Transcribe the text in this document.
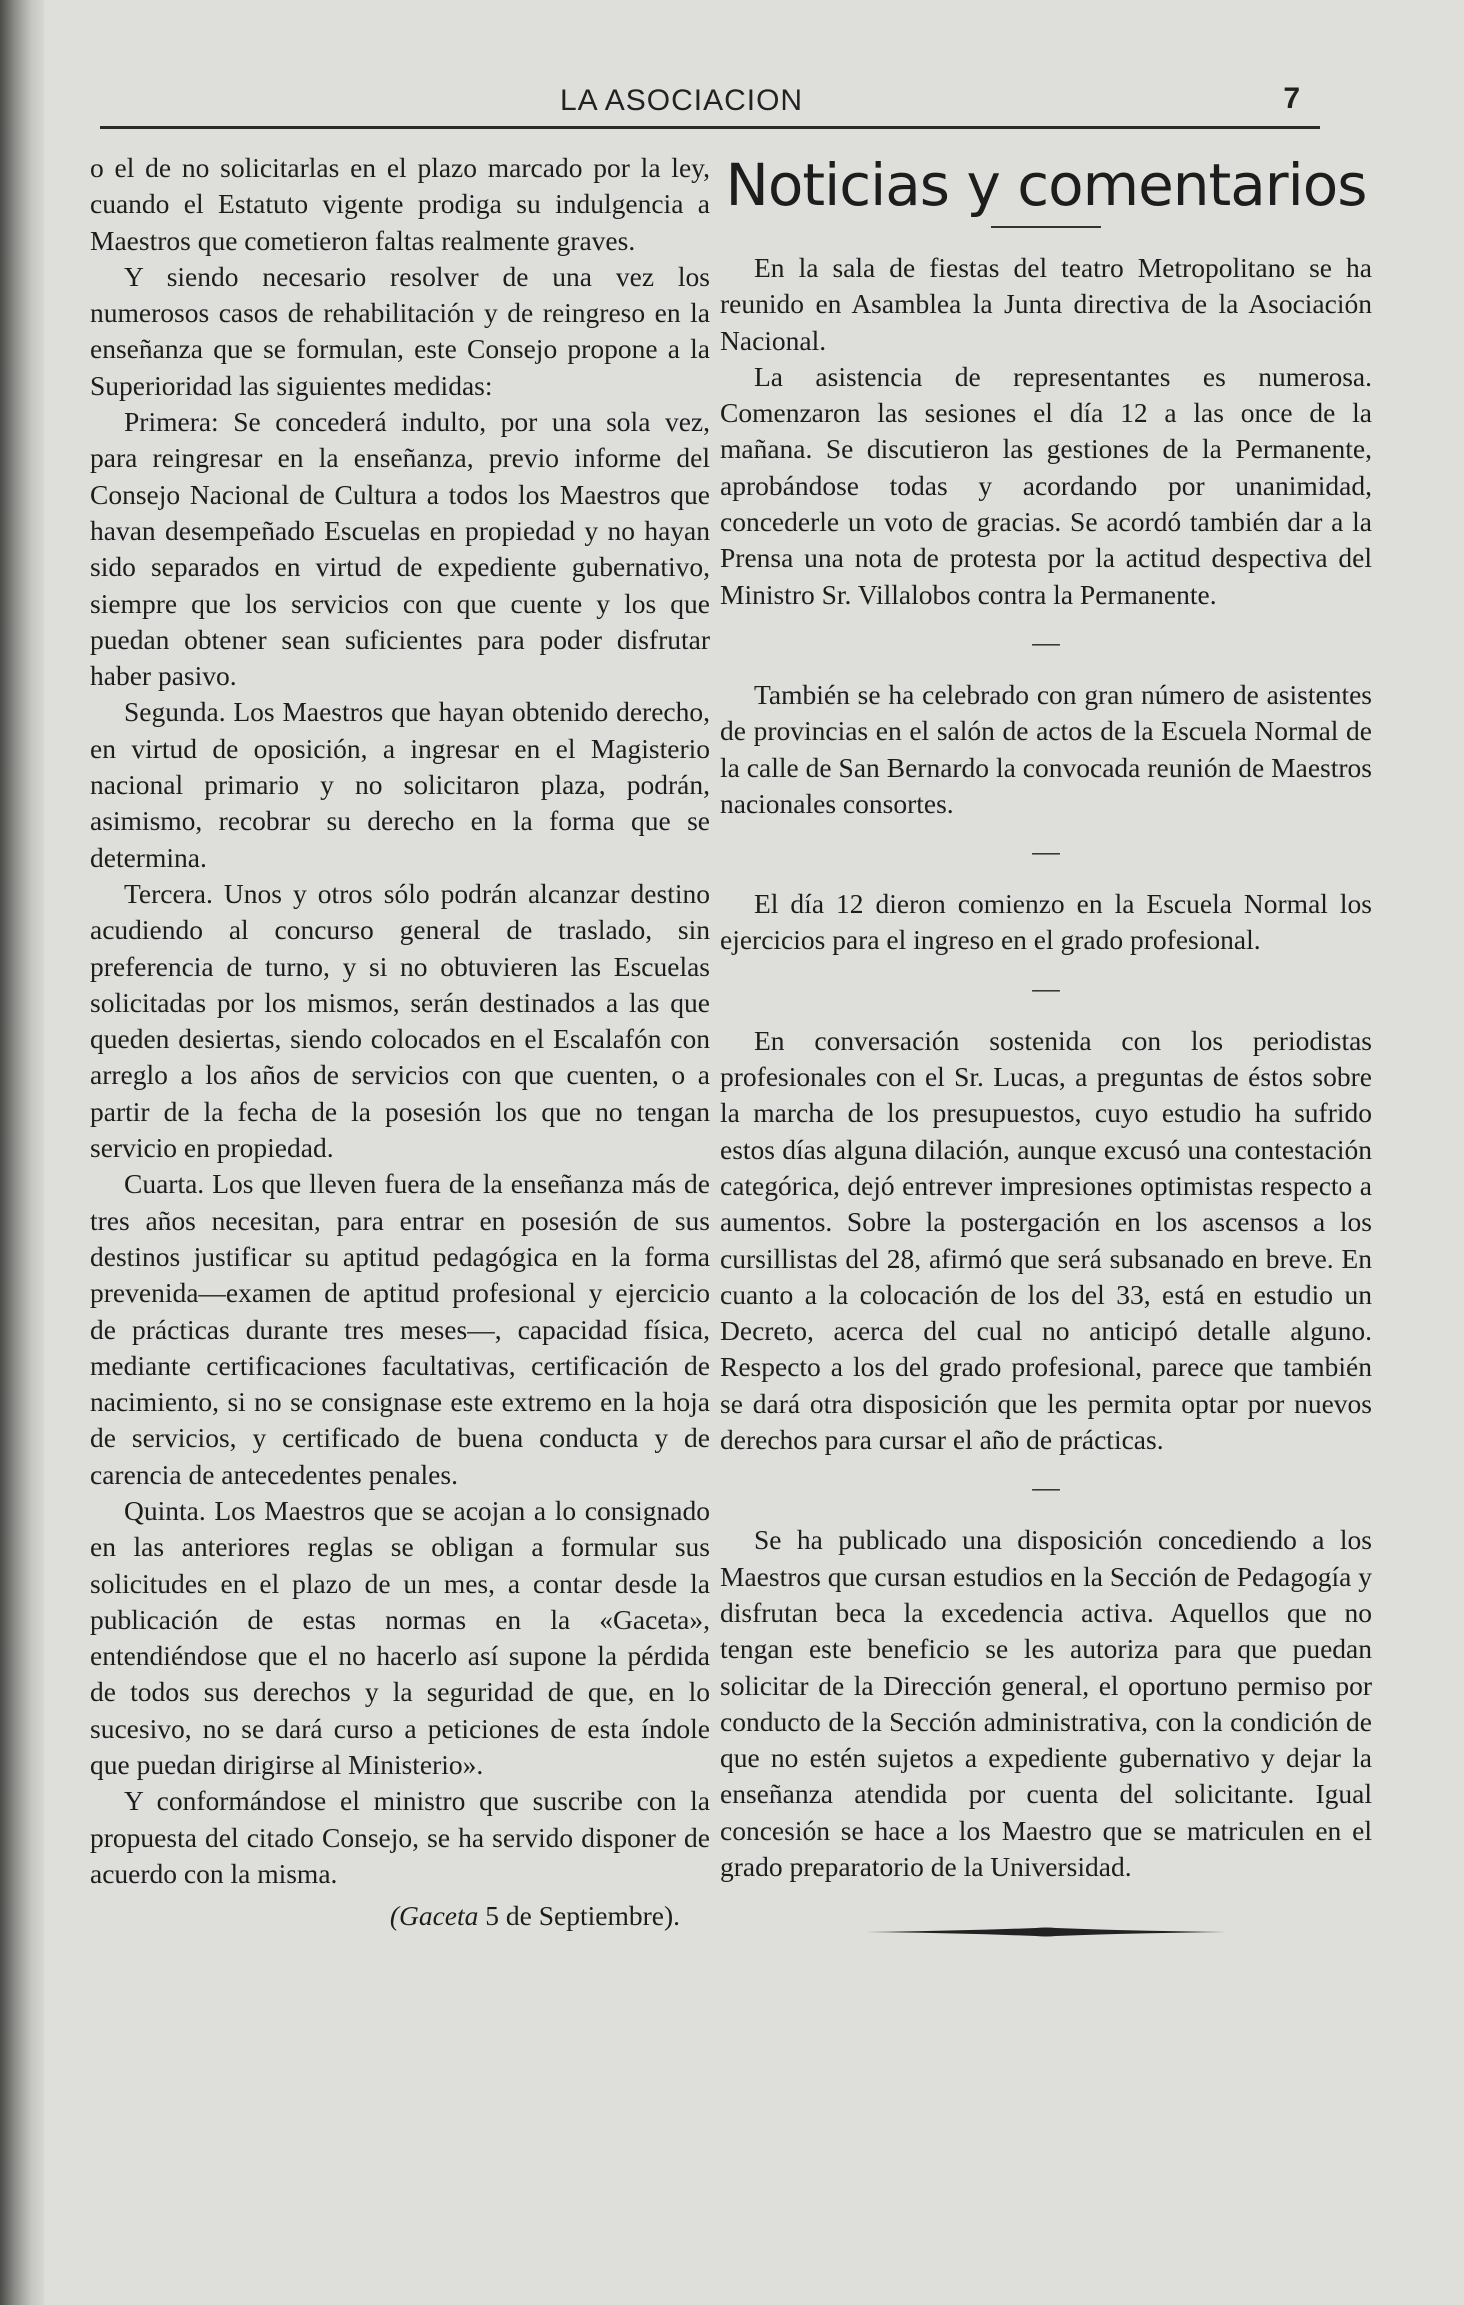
LA ASOCIACION	7

o el de no solicitarlas en el plazo marcado por la ley, cuando el Estatuto vigente prodiga su indulgencia a Maestros que cometieron faltas realmente graves.

Y siendo necesario resolver de una vez los numerosos casos de rehabilitación y de reingreso en la enseñanza que se formulan, este Consejo propone a la Superioridad las siguientes medidas:

Primera: Se concederá indulto, por una sola vez, para reingresar en la enseñanza, previo informe del Consejo Nacional de Cultura a todos los Maestros que havan desempeñado Escuelas en propiedad y no hayan sido separados en virtud de expediente gubernativo, siempre que los servicios con que cuente y los que puedan obtener sean suficientes para poder disfrutar haber pasivo.

Segunda. Los Maestros que hayan obtenido derecho, en virtud de oposición, a ingresar en el Magisterio nacional primario y no solicitaron plaza, podrán, asimismo, recobrar su derecho en la forma que se determina.

Tercera. Unos y otros sólo podrán alcanzar destino acudiendo al concurso general de traslado, sin preferencia de turno, y si no obtuvieren las Escuelas solicitadas por los mismos, serán destinados a las que queden desiertas, siendo colocados en el Escalafón con arreglo a los años de servicios con que cuenten, o a partir de la fecha de la posesión los que no tengan servicio en propiedad.

Cuarta. Los que lleven fuera de la enseñanza más de tres años necesitan, para entrar en posesión de sus destinos justificar su aptitud pedagógica en la forma prevenida—examen de aptitud profesional y ejercicio de prácticas durante tres meses—, capacidad física, mediante certificaciones facultativas, certificación de nacimiento, si no se consignase este extremo en la hoja de servicios, y certificado de buena conducta y de carencia de antecedentes penales.

Quinta. Los Maestros que se acojan a lo consignado en las anteriores reglas se obligan a formular sus solicitudes en el plazo de un mes, a contar desde la publicación de estas normas en la «Gaceta», entendiéndose que el no hacerlo así supone la pérdida de todos sus derechos y la seguridad de que, en lo sucesivo, no se dará curso a peticiones de esta índole que puedan dirigirse al Ministerio».

Y conformándose el ministro que suscribe con la propuesta del citado Consejo, se ha servido disponer de acuerdo con la misma.

(Gaceta 5 de Septiembre).
Noticias y comentarios

En la sala de fiestas del teatro Metropolitano se ha reunido en Asamblea la Junta directiva de la Asociación Nacional.

La asistencia de representantes es numerosa. Comenzaron las sesiones el día 12 a las once de la mañana. Se discutieron las gestiones de la Permanente, aprobándose todas y acordando por unanimidad, concederle un voto de gracias. Se acordó también dar a la Prensa una nota de protesta por la actitud despectiva del Ministro Sr. Villalobos contra la Permanente.

—

También se ha celebrado con gran número de asistentes de provincias en el salón de actos de la Escuela Normal de la calle de San Bernardo la convocada reunión de Maestros nacionales consortes.

—

El día 12 dieron comienzo en la Escuela Normal los ejercicios para el ingreso en el grado profesional.

—

En conversación sostenida con los periodistas profesionales con el Sr. Lucas, a preguntas de éstos sobre la marcha de los presupuestos, cuyo estudio ha sufrido estos días alguna dilación, aunque excusó una contestación categórica, dejó entrever impresiones optimistas respecto a aumentos. Sobre la postergación en los ascensos a los cursillistas del 28, afirmó que será subsanado en breve. En cuanto a la colocación de los del 33, está en estudio un Decreto, acerca del cual no anticipó detalle alguno. Respecto a los del grado profesional, parece que también se dará otra disposición que les permita optar por nuevos derechos para cursar el año de prácticas.

—

Se ha publicado una disposición concediendo a los Maestros que cursan estudios en la Sección de Pedagogía y disfrutan beca la excedencia activa. Aquellos que no tengan este beneficio se les autoriza para que puedan solicitar de la Dirección general, el oportuno permiso por conducto de la Sección administrativa, con la condición de que no estén sujetos a expediente gubernativo y dejar la enseñanza atendida por cuenta del solicitante. Igual concesión se hace a los Maestro que se matriculen en el grado preparatorio de la Universidad.
